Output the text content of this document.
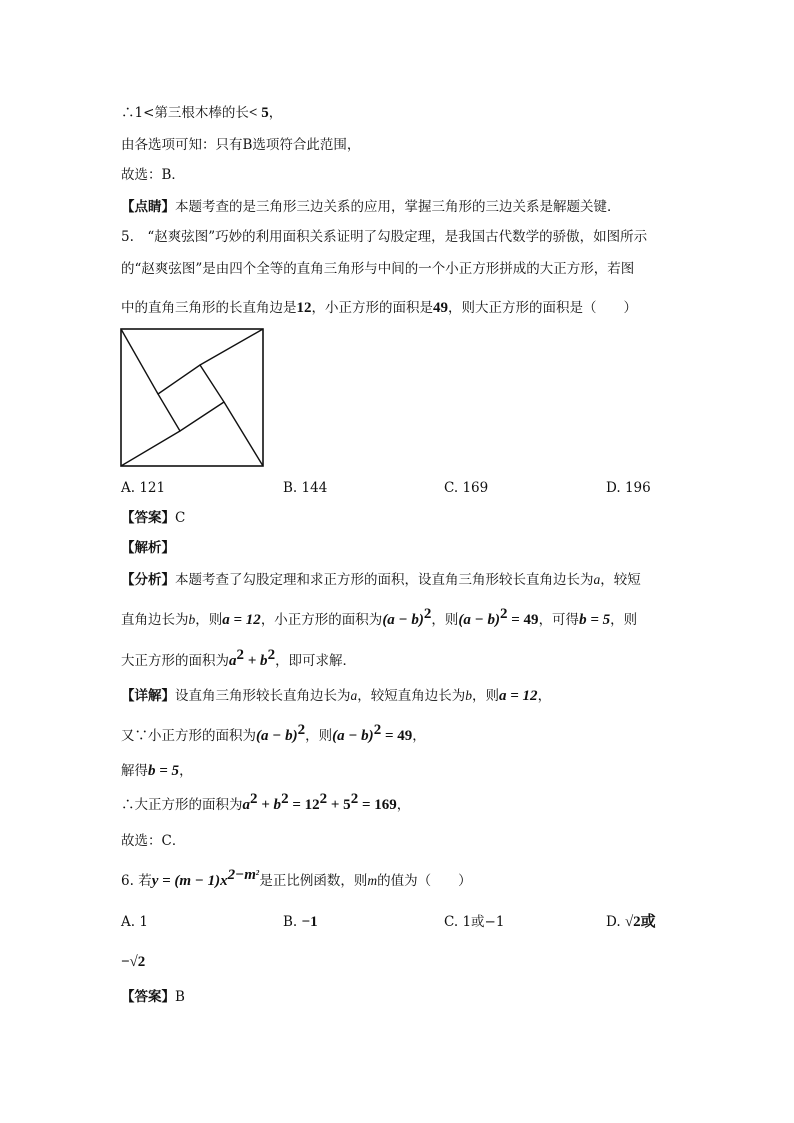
∴1<第三根木棒的长< 5，
由各选项可知：只有B选项符合此范围，
故选：B．
【点睛】本题考查的是三角形三边关系的应用，掌握三角形的三边关系是解题关键．
5.　“赵爽弦图”巧妙的利用面积关系证明了勾股定理，是我国古代数学的骄傲，如图所示
的“赵爽弦图”是由四个全等的直角三角形与中间的一个小正方形拼成的大正方形，若图
中的直角三角形的长直角边是12，小正方形的面积是49，则大正方形的面积是（　　）
A. 121	B. 144	C. 169	D. 196
【答案】C
【解析】
【分析】本题考查了勾股定理和求正方形的面积，设直角三角形较长直角边长为a，较短
直角边长为b，则a = 12，小正方形的面积为$(a - b)^2$，则$(a - b)^2 = 49$，可得b = 5，则
大正方形的面积为$a^2 + b^2$，即可求解．
【详解】设直角三角形较长直角边长为a，较短直角边长为b，则a = 12，
又∵小正方形的面积为$(a - b)^2$，则$(a - b)^2 = 49$，
解得b = 5，
∴大正方形的面积为$a^2 + b^2 = 12^2 + 5^2 = 169$，
故选：C．
6. 若$y = (m - 1)x^{2-m^2}$是正比例函数，则m的值为（　　）
A. 1	B. −1	C. 1或−1	D. √2或
−√2
【答案】B
